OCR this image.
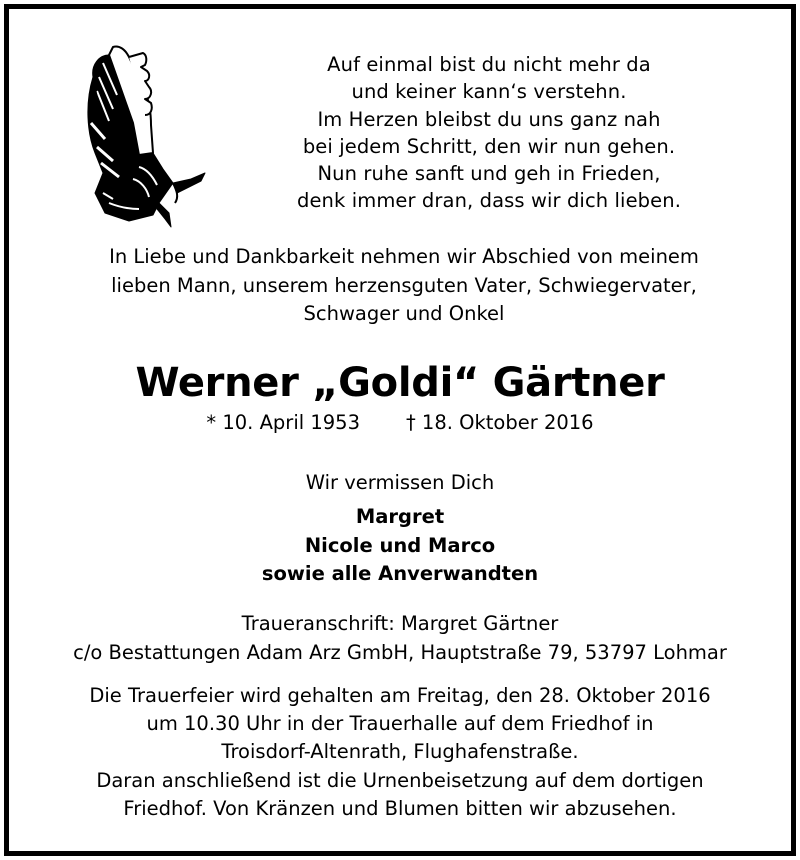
Auf einmal bist du nicht mehr da
und keiner kann‘s verstehn.
Im Herzen bleibst du uns ganz nah
bei jedem Schritt, den wir nun gehen.
Nun ruhe sanft und geh in Frieden,
denk immer dran, dass wir dich lieben.
In Liebe und Dankbarkeit nehmen wir Abschied von meinem
lieben Mann, unserem herzensguten Vater, Schwiegervater,
Schwager und Onkel
Werner „Goldi“ Gärtner
* 10. April 1953 † 18. Oktober 2016
Wir vermissen Dich
Margret
Nicole und Marco
sowie alle Anverwandten
Traueranschrift: Margret Gärtner
c/o Bestattungen Adam Arz GmbH, Hauptstraße 79, 53797 Lohmar
Die Trauerfeier wird gehalten am Freitag, den 28. Oktober 2016
um 10.30 Uhr in der Trauerhalle auf dem Friedhof in
Troisdorf-Altenrath, Flughafenstraße.
Daran anschließend ist die Urnenbeisetzung auf dem dortigen
Friedhof. Von Kränzen und Blumen bitten wir abzusehen.
